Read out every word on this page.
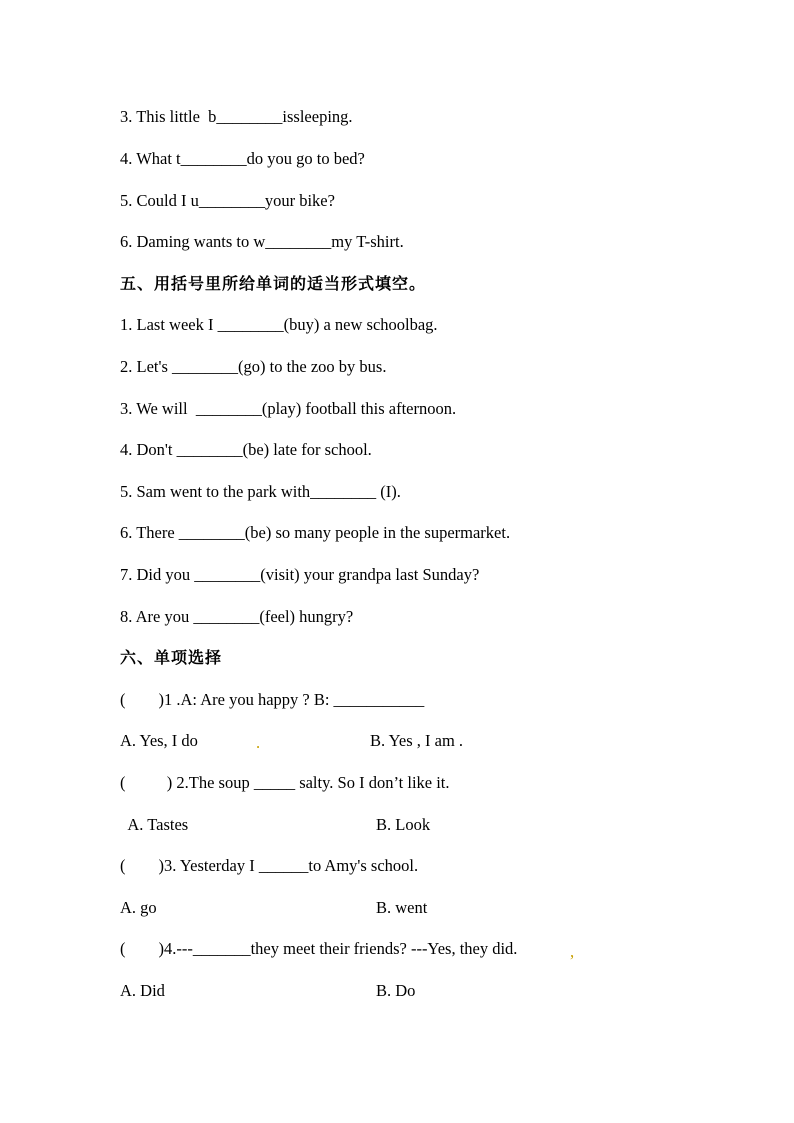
3. This little  b________issleeping.
4. What t________do you go to bed?
5. Could I u________your bike?
6. Daming wants to w________my T-shirt.
五、用括号里所给单词的适当形式填空。
1. Last week I ________(buy) a new schoolbag.
2. Let's ________(go) to the zoo by bus.
3. We will  ________(play) football this afternoon.
4. Don't ________(be) late for school.
5. Sam went to the park with________ (I).
6. There ________(be) so many people in the supermarket.
7. Did you ________(visit) your grandpa last Sunday?
8. Are you ________(feel) hungry?
六、单项选择
(        )1 .A: Are you happy ? B: ___________
A. Yes, I do	.	B. Yes , I am .
(          ) 2.The soup _____ salty. So I don’t like it.
A. Tastes	B. Look
(        )3. Yesterday I ______to Amy's school.
A. go	B. went
(        )4.---_______they meet their friends? ---Yes, they did.	,
A. Did	B. Do
